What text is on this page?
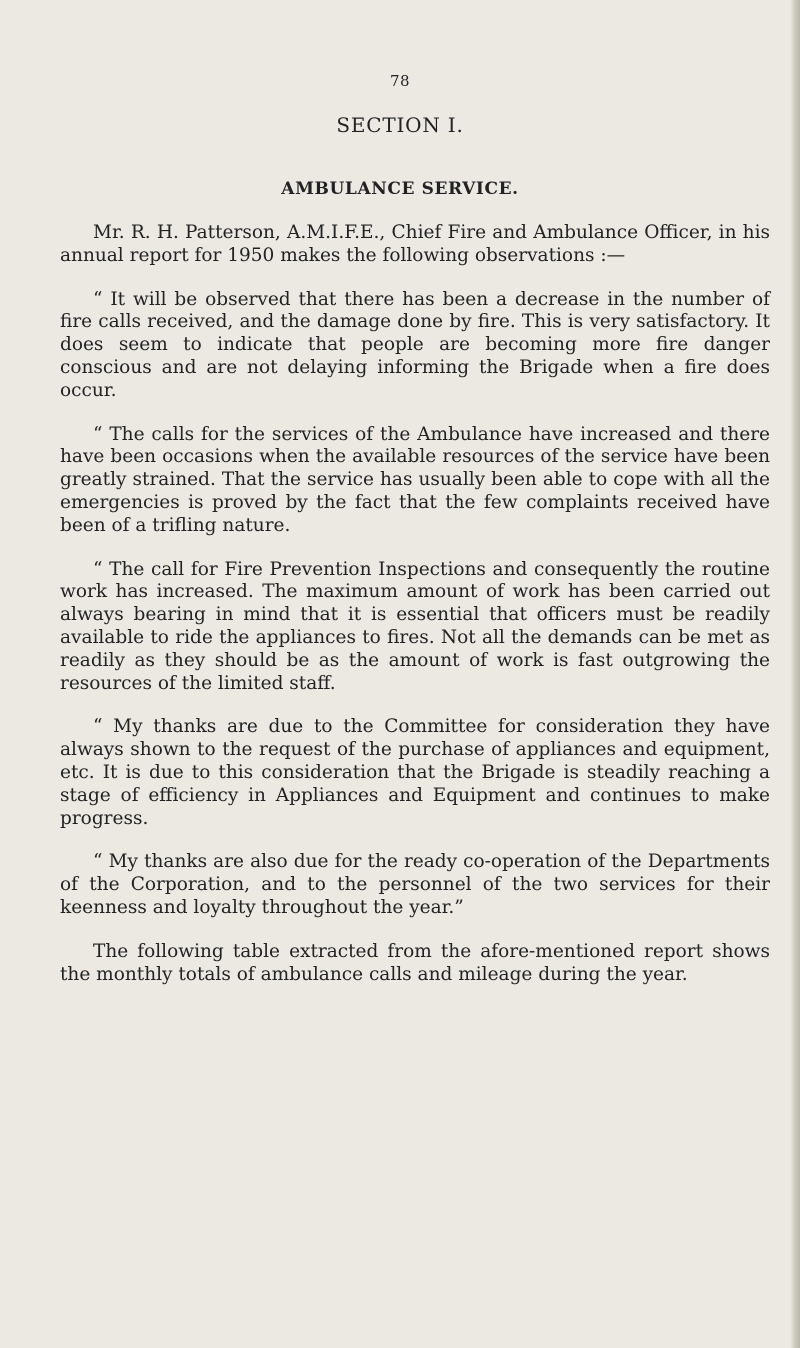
78
SECTION I.
AMBULANCE SERVICE.

Mr. R. H. Patterson, A.M.I.F.E., Chief Fire and Ambulance Officer, in his annual report for 1950 makes the following observations :—

“ It will be observed that there has been a decrease in the number of fire calls received, and the damage done by fire. This is very satisfactory. It does seem to indicate that people are becoming more fire danger conscious and are not delaying informing the Brigade when a fire does occur.

“ The calls for the services of the Ambulance have increased and there have been occasions when the available resources of the service have been greatly strained. That the service has usually been able to cope with all the emergencies is proved by the fact that the few complaints received have been of a trifling nature.

“ The call for Fire Prevention Inspections and consequently the routine work has increased. The maximum amount of work has been carried out always bearing in mind that it is essential that officers must be readily available to ride the appliances to fires. Not all the demands can be met as readily as they should be as the amount of work is fast outgrowing the resources of the limited staff.

“ My thanks are due to the Committee for consideration they have always shown to the request of the purchase of appliances and equipment, etc. It is due to this consideration that the Brigade is steadily reaching a stage of efficiency in Appliances and Equipment and continues to make progress.

“ My thanks are also due for the ready co-operation of the Departments of the Corporation, and to the personnel of the two services for their keenness and loyalty throughout the year.”

The following table extracted from the afore-mentioned report shows the monthly totals of ambulance calls and mileage during the year.
